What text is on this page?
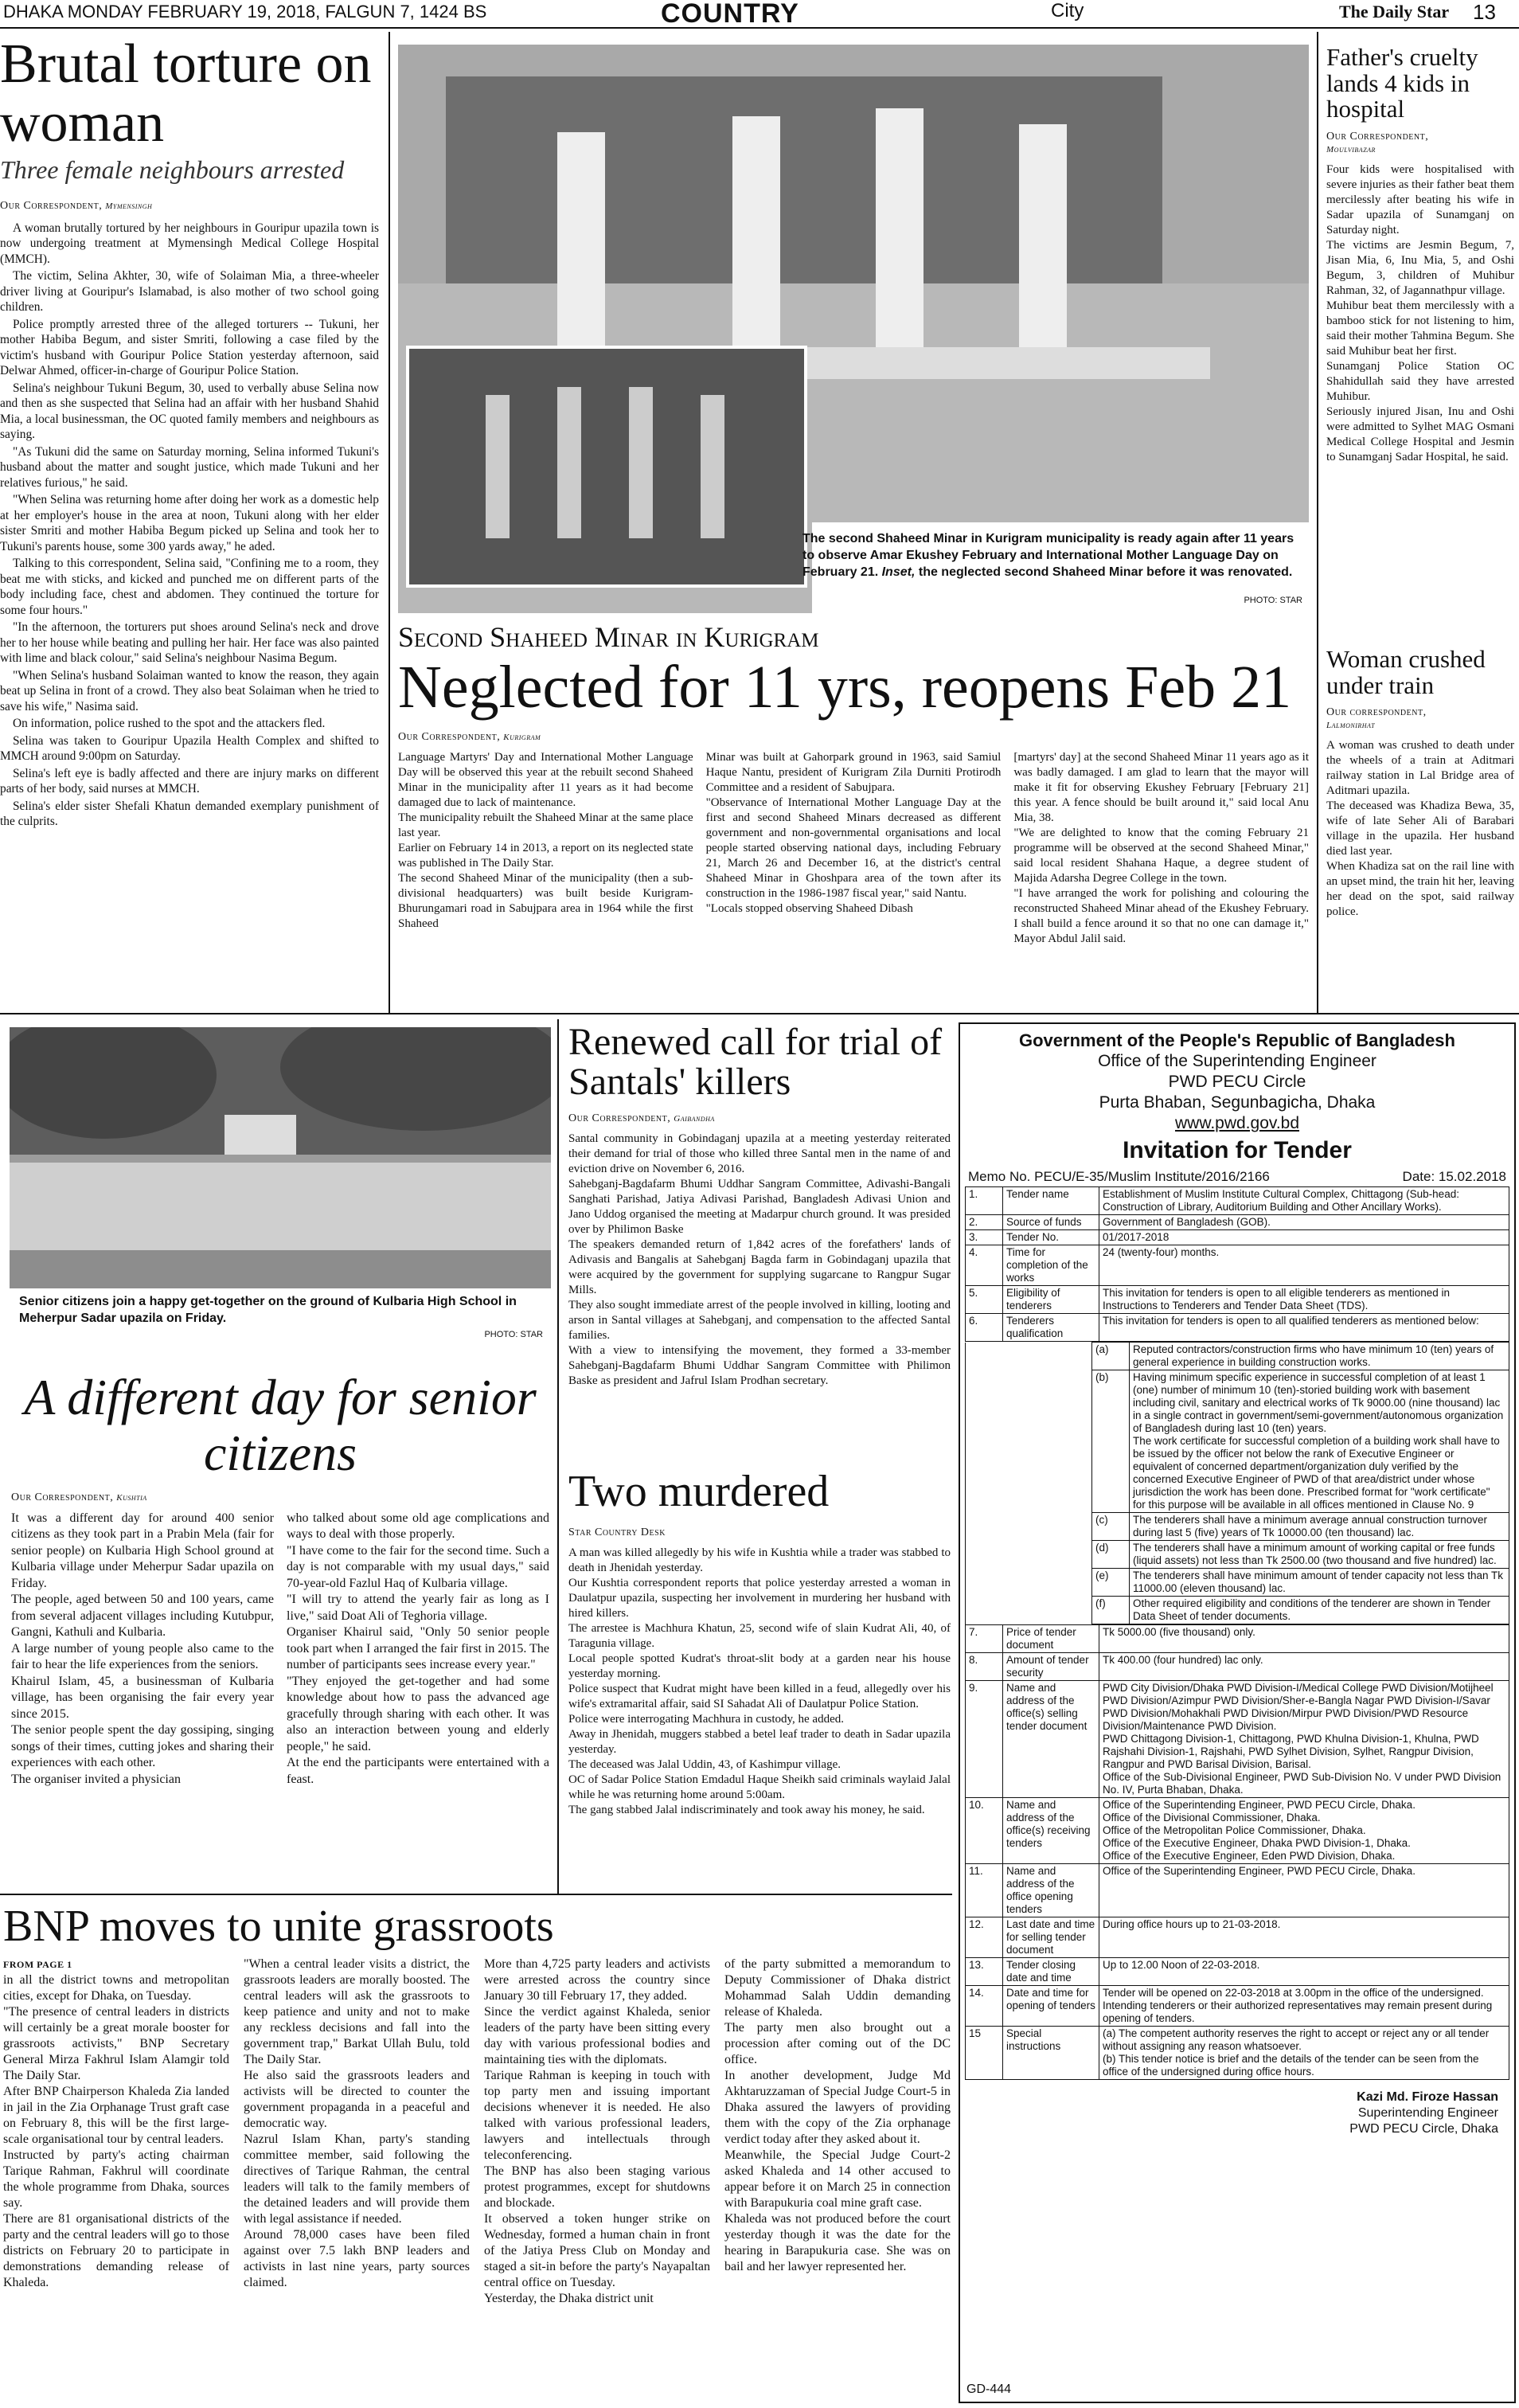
DHAKA MONDAY FEBRUARY 19, 2018, FALGUN 7, 1424 BS	COUNTRY	City	The Daily Star 13
Brutal torture on woman
Three female neighbours arrested
Our Correspondent, Mymensingh

A woman brutally tortured by her neighbours in Gouripur upazila town is now undergoing treatment at Mymensingh Medical College Hospital (MMCH).

The victim, Selina Akhter, 30, wife of Solaiman Mia, a three-wheeler driver living at Gouripur's Islamabad, is also mother of two school going children.

Police promptly arrested three of the alleged torturers -- Tukuni, her mother Habiba Begum, and sister Smriti, following a case filed by the victim's husband with Gouripur Police Station yesterday afternoon, said Delwar Ahmed, officer-in-charge of Gouripur Police Station.

Selina's neighbour Tukuni Begum, 30, used to verbally abuse Selina now and then as she suspected that Selina had an affair with her husband Shahid Mia, a local businessman, the OC quoted family members and neighbours as saying.

"As Tukuni did the same on Saturday morning, Selina informed Tukuni's husband about the matter and sought justice, which made Tukuni and her relatives furious," he said.

"When Selina was returning home after doing her work as a domestic help at her employer's house in the area at noon, Tukuni along with her elder sister Smriti and mother Habiba Begum picked up Selina and took her to Tukuni's parents house, some 300 yards away," he aded.

Talking to this correspondent, Selina said, "Confining me to a room, they beat me with sticks, and kicked and punched me on different parts of the body including face, chest and abdomen. They continued the torture for some four hours."

"In the afternoon, the torturers put shoes around Selina's neck and drove her to her house while beating and pulling her hair. Her face was also painted with lime and black colour," said Selina's neighbour Nasima Begum.

"When Selina's husband Solaiman wanted to know the reason, they again beat up Selina in front of a crowd. They also beat Solaiman when he tried to save his wife," Nasima said.

On information, police rushed to the spot and the attackers fled.

Selina was taken to Gouripur Upazila Health Complex and shifted to MMCH around 9:00pm on Saturday.

Selina's left eye is badly affected and there are injury marks on different parts of her body, said nurses at MMCH.

Selina's elder sister Shefali Khatun demanded exemplary punishment of the culprits.

The second Shaheed Minar in Kurigram municipality is ready again after 11 years to observe Amar Ekushey February and International Mother Language Day on February 21. Inset, the neglected second Shaheed Minar before it was renovated.
PHOTO: STAR
Second Shaheed Minar in Kurigram
Neglected for 11 yrs, reopens Feb 21
Our Correspondent, Kurigram
Language Martyrs' Day and International Mother Language Day will be observed this year at the rebuilt second Shaheed Minar in the municipality after 11 years as it had become damaged due to lack of maintenance.
The municipality rebuilt the Shaheed Minar at the same place last year.
Earlier on February 14 in 2013, a report on its neglected state was published in The Daily Star.
The second Shaheed Minar of the municipality (then a sub-divisional headquarters) was built beside Kurigram-Bhurungamari road in Sabujpara area in 1964 while the first Shaheed
Minar was built at Gahorpark ground in 1963, said Samiul Haque Nantu, president of Kurigram Zila Durniti Protirodh Committee and a resident of Sabujpara.
"Observance of International Mother Language Day at the first and second Shaheed Minars decreased as different government and non-governmental organisations and local people started observing national days, including February 21, March 26 and December 16, at the district's central Shaheed Minar in Ghoshpara area of the town after its construction in the 1986-1987 fiscal year," said Nantu.
"Locals stopped observing Shaheed Dibash
[martyrs' day] at the second Shaheed Minar 11 years ago as it was badly damaged. I am glad to learn that the mayor will make it fit for observing Ekushey February [February 21] this year. A fence should be built around it," said local Anu Mia, 38.
"We are delighted to know that the coming February 21 programme will be observed at the second Shaheed Minar," said local resident Shahana Haque, a degree student of Majida Adarsha Degree College in the town.
"I have arranged the work for polishing and colouring the reconstructed Shaheed Minar ahead of the Ekushey February. I shall build a fence around it so that no one can damage it," Mayor Abdul Jalil said.
Father's cruelty lands 4 kids in hospital
Our Correspondent,
Moulvibazar
Four kids were hospitalised with severe injuries as their father beat them mercilessly after beating his wife in Sadar upazila of Sunamganj on Saturday night.
The victims are Jesmin Begum, 7, Jisan Mia, 6, Inu Mia, 5, and Oshi Begum, 3, children of Muhibur Rahman, 32, of Jagannathpur village.
Muhibur beat them mercilessly with a bamboo stick for not listening to him, said their mother Tahmina Begum. She said Muhibur beat her first.
Sunamganj Police Station OC Shahidullah said they have arrested Muhibur.
Seriously injured Jisan, Inu and Oshi were admitted to Sylhet MAG Osmani Medical College Hospital and Jesmin to Sunamganj Sadar Hospital, he said.
Woman crushed under train
Our correspondent,
Lalmonirhat
A woman was crushed to death under the wheels of a train at Aditmari railway station in Lal Bridge area of Aditmari upazila.
The deceased was Khadiza Bewa, 35, wife of late Seher Ali of Barabari village in the upazila. Her husband died last year.
When Khadiza sat on the rail line with an upset mind, the train hit her, leaving her dead on the spot, said railway police.
Senior citizens join a happy get-together on the ground of Kulbaria High School in Meherpur Sadar upazila on Friday.
PHOTO: STAR
A different day for senior citizens
Our Correspondent, Kushtia
It was a different day for around 400 senior citizens as they took part in a Prabin Mela (fair for senior people) on Kulbaria High School ground at Kulbaria village under Meherpur Sadar upazila on Friday.
The people, aged between 50 and 100 years, came from several adjacent villages including Kutubpur, Gangni, Kathuli and Kulbaria.
A large number of young people also came to the fair to hear the life experiences from the seniors.
Khairul Islam, 45, a businessman of Kulbaria village, has been organising the fair every year since 2015.
The senior people spent the day gossiping, singing songs of their times, cutting jokes and sharing their experiences with each other.
The organiser invited a physician
who talked about some old age complications and ways to deal with those properly.
"I have come to the fair for the second time. Such a day is not comparable with my usual days," said 70-year-old Fazlul Haq of Kulbaria village.
"I will try to attend the yearly fair as long as I live," said Doat Ali of Teghoria village.
Organiser Khairul said, "Only 50 senior people took part when I arranged the fair first in 2015. The number of participants sees increase every year."
"They enjoyed the get-together and had some knowledge about how to pass the advanced age gracefully through sharing with each other. It was also an interaction between young and elderly people," he said.
At the end the participants were entertained with a feast.
Renewed call for trial of Santals' killers
Our Correspondent, Gaibandha
Santal community in Gobindaganj upazila at a meeting yesterday reiterated their demand for trial of those who killed three Santal men in the name of and eviction drive on November 6, 2016.
Sahebganj-Bagdafarm Bhumi Uddhar Sangram Committee, Adivashi-Bangali Sanghati Parishad, Jatiya Adivasi Parishad, Bangladesh Adivasi Union and Jano Uddog organised the meeting at Madarpur church ground. It was presided over by Philimon Baske
The speakers demanded return of 1,842 acres of the forefathers' lands of Adivasis and Bangalis at Sahebganj Bagda farm in Gobindaganj upazila that were acquired by the government for supplying sugarcane to Rangpur Sugar Mills.
They also sought immediate arrest of the people involved in killing, looting and arson in Santal villages at Sahebganj, and compensation to the affected Santal families.
With a view to intensifying the movement, they formed a 33-member Sahebganj-Bagdafarm Bhumi Uddhar Sangram Committee with Philimon Baske as president and Jafrul Islam Prodhan secretary.
Two murdered
Star Country Desk
A man was killed allegedly by his wife in Kushtia while a trader was stabbed to death in Jhenidah yesterday.
Our Kushtia correspondent reports that police yesterday arrested a woman in Daulatpur upazila, suspecting her involvement in murdering her husband with hired killers.
The arrestee is Machhura Khatun, 25, second wife of slain Kudrat Ali, 40, of Taragunia village.
Local people spotted Kudrat's throat-slit body at a garden near his house yesterday morning.
Police suspect that Kudrat might have been killed in a feud, allegedly over his wife's extramarital affair, said SI Sahadat Ali of Daulatpur Police Station.
Police were interrogating Machhura in custody, he added.
Away in Jhenidah, muggers stabbed a betel leaf trader to death in Sadar upazila yesterday.
The deceased was Jalal Uddin, 43, of Kashimpur village.
OC of Sadar Police Station Emdadul Haque Sheikh said criminals waylaid Jalal while he was returning home around 5:00am.
The gang stabbed Jalal indiscriminately and took away his money, he said.
BNP moves to unite grassroots
FROM PAGE 1
in all the district towns and metropolitan cities, except for Dhaka, on Tuesday.
"The presence of central leaders in districts will certainly be a great morale booster for grassroots activists," BNP Secretary General Mirza Fakhrul Islam Alamgir told The Daily Star.
After BNP Chairperson Khaleda Zia landed in jail in the Zia Orphanage Trust graft case on February 8, this will be the first large-scale organisational tour by central leaders.
Instructed by party's acting chairman Tarique Rahman, Fakhrul will coordinate the whole programme from Dhaka, sources say.
There are 81 organisational districts of the party and the central leaders will go to those districts on February 20 to participate in demonstrations demanding release of Khaleda.
"When a central leader visits a district, the grassroots leaders are morally boosted. The central leaders will ask the grassroots to keep patience and unity and not to make any reckless decisions and fall into the government trap," Barkat Ullah Bulu, told The Daily Star.
He also said the grassroots leaders and activists will be directed to counter the government propaganda in a peaceful and democratic way.
Nazrul Islam Khan, party's standing committee member, said following the directives of Tarique Rahman, the central leaders will talk to the family members of the detained leaders and will provide them with legal assistance if needed.
Around 78,000 cases have been filed against over 7.5 lakh BNP leaders and activists in last nine years, party sources claimed.
More than 4,725 party leaders and activists were arrested across the country since January 30 till February 17, they added.
Since the verdict against Khaleda, senior leaders of the party have been sitting every day with various professional bodies and maintaining ties with the diplomats.
Tarique Rahman is keeping in touch with top party men and issuing important decisions whenever it is needed. He also talked with various professional leaders, lawyers and intellectuals through teleconferencing.
The BNP has also been staging various protest programmes, except for shutdowns and blockade.
It observed a token hunger strike on Wednesday, formed a human chain in front of the Jatiya Press Club on Monday and staged a sit-in before the party's Nayapaltan central office on Tuesday.
Yesterday, the Dhaka district unit
of the party submitted a memorandum to Deputy Commissioner of Dhaka district Mohammad Salah Uddin demanding release of Khaleda.
The party men also brought out a procession after coming out of the DC office.
In another development, Judge Md Akhtaruzzaman of Special Judge Court-5 in Dhaka assured the lawyers of providing them with the copy of the Zia orphanage verdict today after they asked about it.
Meanwhile, the Special Judge Court-2 asked Khaleda and 14 other accused to appear before it on March 25 in connection with Barapukuria coal mine graft case.
Khaleda was not produced before the court yesterday though it was the date for the hearing in Barapukuria case. She was on bail and her lawyer represented her.
Government of the People's Republic of Bangladesh
Office of the Superintending Engineer
PWD PECU Circle
Purta Bhaban, Segunbagicha, Dhaka
www.pwd.gov.bd
Invitation for Tender
Memo No. PECU/E-35/Muslim Institute/2016/2166	Date: 15.02.2018
1.	Tender name	Establishment of Muslim Institute Cultural Complex, Chittagong (Sub-head: Construction of Library, Auditorium Building and Other Ancillary Works).
2.	Source of funds	Government of Bangladesh (GOB).
3.	Tender No.	01/2017-2018
4.	Time for completion of the works	24 (twenty-four) months.
5.	Eligibility of tenderers	This invitation for tenders is open to all eligible tenderers as mentioned in Instructions to Tenderers and Tender Data Sheet (TDS).
6.	Tenderers qualification	This invitation for tenders is open to all qualified tenderers as mentioned below:
	(a)	Reputed contractors/construction firms who have minimum 10 (ten) years of general experience in building construction works.
	(b)	Having minimum specific experience in successful completion of at least 1 (one) number of minimum 10 (ten)-storied building work with basement including civil, sanitary and electrical works of Tk 9000.00 (nine thousand) lac in a single contract in government/semi-government/autonomous organization of Bangladesh during last 10 (ten) years.
The work certificate for successful completion of a building work shall have to be issued by the officer not below the rank of Executive Engineer or equivalent of concerned department/organization duly verified by the concerned Executive Engineer of PWD of that area/district under whose jurisdiction the work has been done. Prescribed format for "work certificate" for this purpose will be available in all offices mentioned in Clause No. 9
	(c)	The tenderers shall have a minimum average annual construction turnover during last 5 (five) years of Tk 10000.00 (ten thousand) lac.
	(d)	The tenderers shall have a minimum amount of working capital or free funds (liquid assets) not less than Tk 2500.00 (two thousand and five hundred) lac.
	(e)	The tenderers shall have minimum amount of tender capacity not less than Tk 11000.00 (eleven thousand) lac.
	(f)	Other required eligibility and conditions of the tenderer are shown in Tender Data Sheet of tender documents.
7.	Price of tender document	Tk 5000.00 (five thousand) only.
8.	Amount of tender security	Tk 400.00 (four hundred) lac only.
9.	Name and address of the office(s) selling tender document	PWD City Division/Dhaka PWD Division-I/Medical College PWD Division/Motijheel PWD Division/Azimpur PWD Division/Sher-e-Bangla Nagar PWD Division-I/Savar PWD Division/Mohakhali PWD Division/Mirpur PWD Division/PWD Resource Division/Maintenance PWD Division.
PWD Chittagong Division-1, Chittagong, PWD Khulna Division-1, Khulna, PWD Rajshahi Division-1, Rajshahi, PWD Sylhet Division, Sylhet, Rangpur Division, Rangpur and PWD Barisal Division, Barisal.
Office of the Sub-Divisional Engineer, PWD Sub-Division No. V under PWD Division No. IV, Purta Bhaban, Dhaka.
10.	Name and address of the office(s) receiving tenders	Office of the Superintending Engineer, PWD PECU Circle, Dhaka.
Office of the Divisional Commissioner, Dhaka.
Office of the Metropolitan Police Commissioner, Dhaka.
Office of the Executive Engineer, Dhaka PWD Division-1, Dhaka.
Office of the Executive Engineer, Eden PWD Division, Dhaka.
11.	Name and address of the office opening tenders	Office of the Superintending Engineer, PWD PECU Circle, Dhaka.
12.	Last date and time for selling tender document	During office hours up to 21-03-2018.
13.	Tender closing date and time	Up to 12.00 Noon of 22-03-2018.
14.	Date and time for opening of tenders	Tender will be opened on 22-03-2018 at 3.00pm in the office of the undersigned. Intending tenderers or their authorized representatives may remain present during opening of tenders.
15	Special instructions	(a) The competent authority reserves the right to accept or reject any or all tender without assigning any reason whatsoever.
(b) This tender notice is brief and the details of the tender can be seen from the office of the undersigned during office hours.
Kazi Md. Firoze Hassan
Superintending Engineer
PWD PECU Circle, Dhaka
GD-444
